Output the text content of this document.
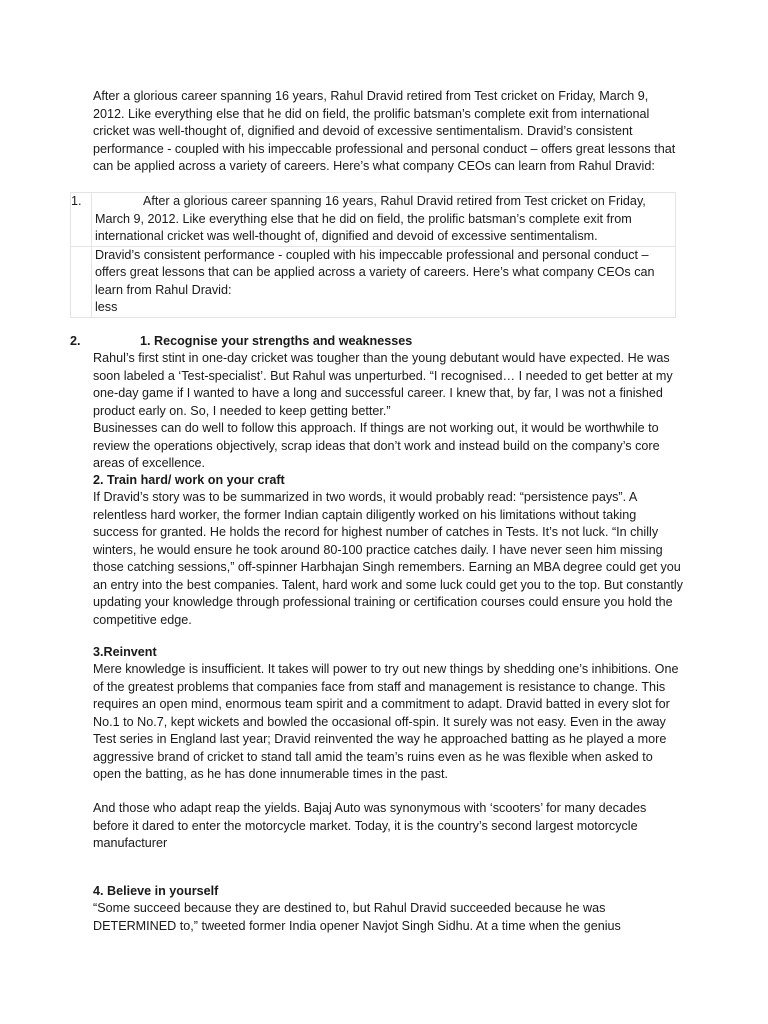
After a glorious career spanning 16 years, Rahul Dravid retired from Test cricket on Friday, March 9, 2012. Like everything else that he did on field, the prolific batsman’s complete exit from international cricket was well-thought of, dignified and devoid of excessive sentimentalism. Dravid’s consistent performance - coupled with his impeccable professional and personal conduct – offers great lessons that can be applied across a variety of careers. Here’s what company CEOs can learn from Rahul Dravid:

1.	After a glorious career spanning 16 years, Rahul Dravid retired from Test cricket on Friday, March 9, 2012. Like everything else that he did on field, the prolific batsman’s complete exit from international cricket was well-thought of, dignified and devoid of excessive sentimentalism.

	Dravid’s consistent performance - coupled with his impeccable professional and personal conduct – offers great lessons that can be applied across a variety of careers. Here’s what company CEOs can learn from Rahul Dravid:
less
2.	1. Recognise your strengths and weaknesses

Rahul’s first stint in one-day cricket was tougher than the young debutant would have expected. He was soon labeled a ‘Test-specialist’. But Rahul was unperturbed. “I recognised… I needed to get better at my one-day game if I wanted to have a long and successful career. I knew that, by far, I was not a finished product early on. So, I needed to keep getting better.”

Businesses can do well to follow this approach. If things are not working out, it would be worthwhile to review the operations objectively, scrap ideas that don’t work and instead build on the company’s core areas of excellence.

2. Train hard/ work on your craft

If Dravid’s story was to be summarized in two words, it would probably read: “persistence pays”. A relentless hard worker, the former Indian captain diligently worked on his limitations without taking success for granted. He holds the record for highest number of catches in Tests. It’s not luck. “In chilly winters, he would ensure he took around 80-100 practice catches daily. I have never seen him missing those catching sessions,” off-spinner Harbhajan Singh remembers. Earning an MBA degree could get you an entry into the best companies. Talent, hard work and some luck could get you to the top. But constantly updating your knowledge through professional training or certification courses could ensure you hold the competitive edge.

3.Reinvent

Mere knowledge is insufficient. It takes will power to try out new things by shedding one’s inhibitions. One of the greatest problems that companies face from staff and management is resistance to change. This requires an open mind, enormous team spirit and a commitment to adapt. Dravid batted in every slot for No.1 to No.7, kept wickets and bowled the occasional off-spin. It surely was not easy. Even in the away Test series in England last year; Dravid reinvented the way he approached batting as he played a more aggressive brand of cricket to stand tall amid the team’s ruins even as he was flexible when asked to open the batting, as he has done innumerable times in the past.

And those who adapt reap the yields. Bajaj Auto was synonymous with ‘scooters’ for many decades before it dared to enter the motorcycle market. Today, it is the country’s second largest motorcycle manufacturer

4. Believe in yourself

“Some succeed because they are destined to, but Rahul Dravid succeeded because he was DETERMINED to,” tweeted former India opener Navjot Singh Sidhu. At a time when the genius
